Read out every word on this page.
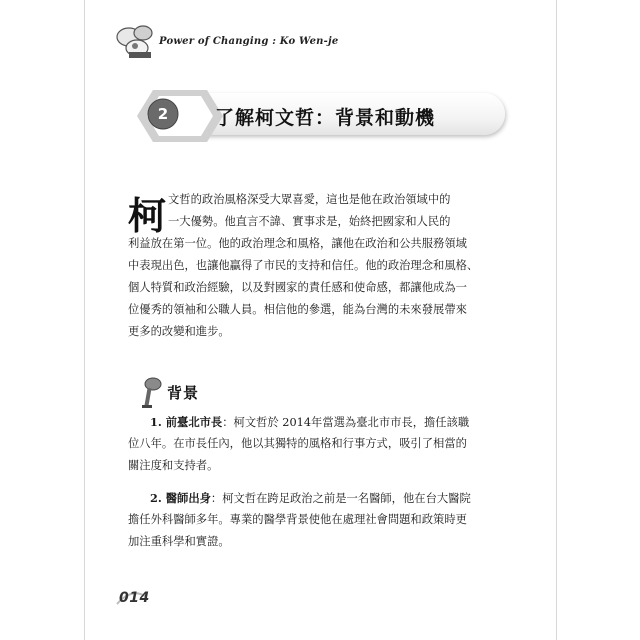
Power of Changing : Ko Wen-je
2	了解柯文哲：背景和動機
柯 文哲的政治風格深受大眾喜愛，這也是他在政治領域中的
一大優勢。他直言不諱、實事求是，始終把國家和人民的
利益放在第一位。他的政治理念和風格，讓他在政治和公共服務領域
中表現出色，也讓他贏得了市民的支持和信任。他的政治理念和風格、
個人特質和政治經驗，以及對國家的責任感和使命感，都讓他成為一
位優秀的領袖和公職人員。相信他的參選，能為台灣的未來發展帶來
更多的改變和進步。
背景
1. 前臺北市長：柯文哲於 2014年當選為臺北市市長，擔任該職
位八年。在市長任內，他以其獨特的風格和行事方式，吸引了相當的
關注度和支持者。
2. 醫師出身：柯文哲在跨足政治之前是一名醫師，他在台大醫院
擔任外科醫師多年。專業的醫學背景使他在處理社會問題和政策時更
加注重科學和實證。
014
